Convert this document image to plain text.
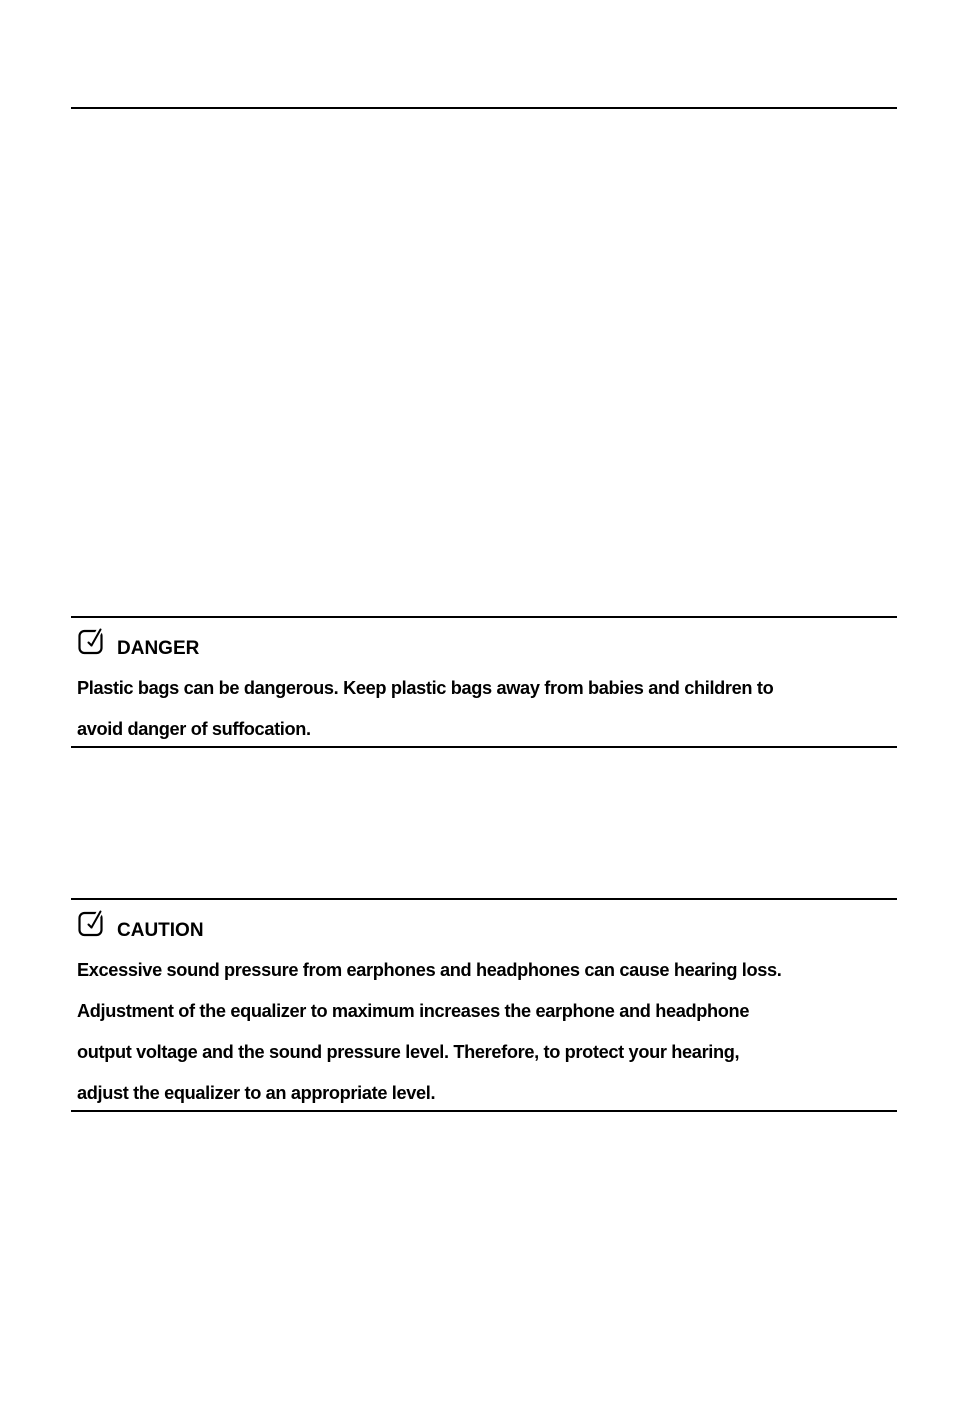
DANGER

Plastic bags can be dangerous. Keep plastic bags away from babies and children to
avoid danger of suffocation.

CAUTION

Excessive sound pressure from earphones and headphones can cause hearing loss.
Adjustment of the equalizer to maximum increases the earphone and headphone
output voltage and the sound pressure level. Therefore, to protect your hearing,
adjust the equalizer to an appropriate level.
